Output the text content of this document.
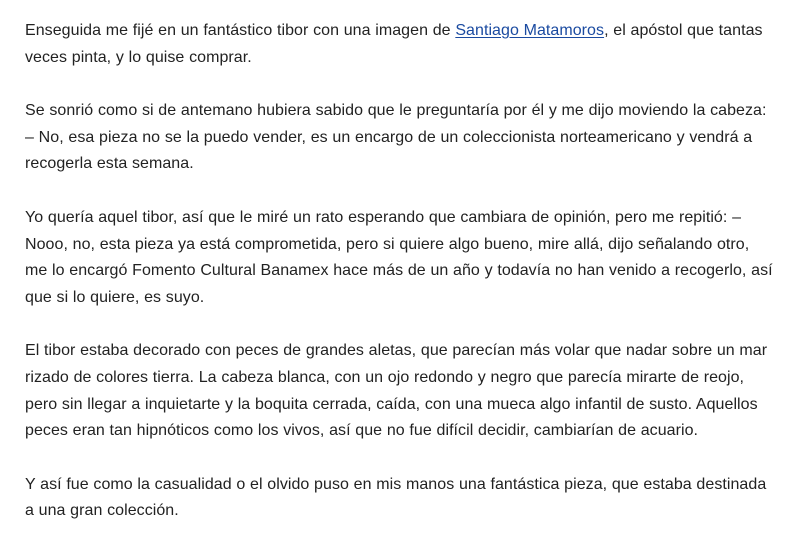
Enseguida me fijé en un fantástico tibor con una imagen de Santiago Matamoros, el apóstol que tantas veces pinta, y lo quise comprar.

Se sonrió como si de antemano hubiera sabido que le preguntaría por él y me dijo moviendo la cabeza: – No, esa pieza no se la puedo vender, es un encargo de un coleccionista norteamericano y vendrá a recogerla esta semana.

Yo quería aquel tibor, así que le miré un rato esperando que cambiara de opinión, pero me repitió: – Nooo, no, esta pieza ya está comprometida, pero si quiere algo bueno, mire allá, dijo señalando otro, me lo encargó Fomento Cultural Banamex hace más de un año y todavía no han venido a recogerlo, así que si lo quiere, es suyo.

El tibor estaba decorado con peces de grandes aletas, que parecían más volar que nadar sobre un mar rizado de colores tierra. La cabeza blanca, con un ojo redondo y negro que parecía mirarte de reojo, pero sin llegar a inquietarte y la boquita cerrada, caída, con una mueca algo infantil de susto. Aquellos peces eran tan hipnóticos como los vivos, así que no fue difícil decidir, cambiarían de acuario.

Y así fue como la casualidad o el olvido puso en mis manos una fantástica pieza, que estaba destinada a una gran colección.
